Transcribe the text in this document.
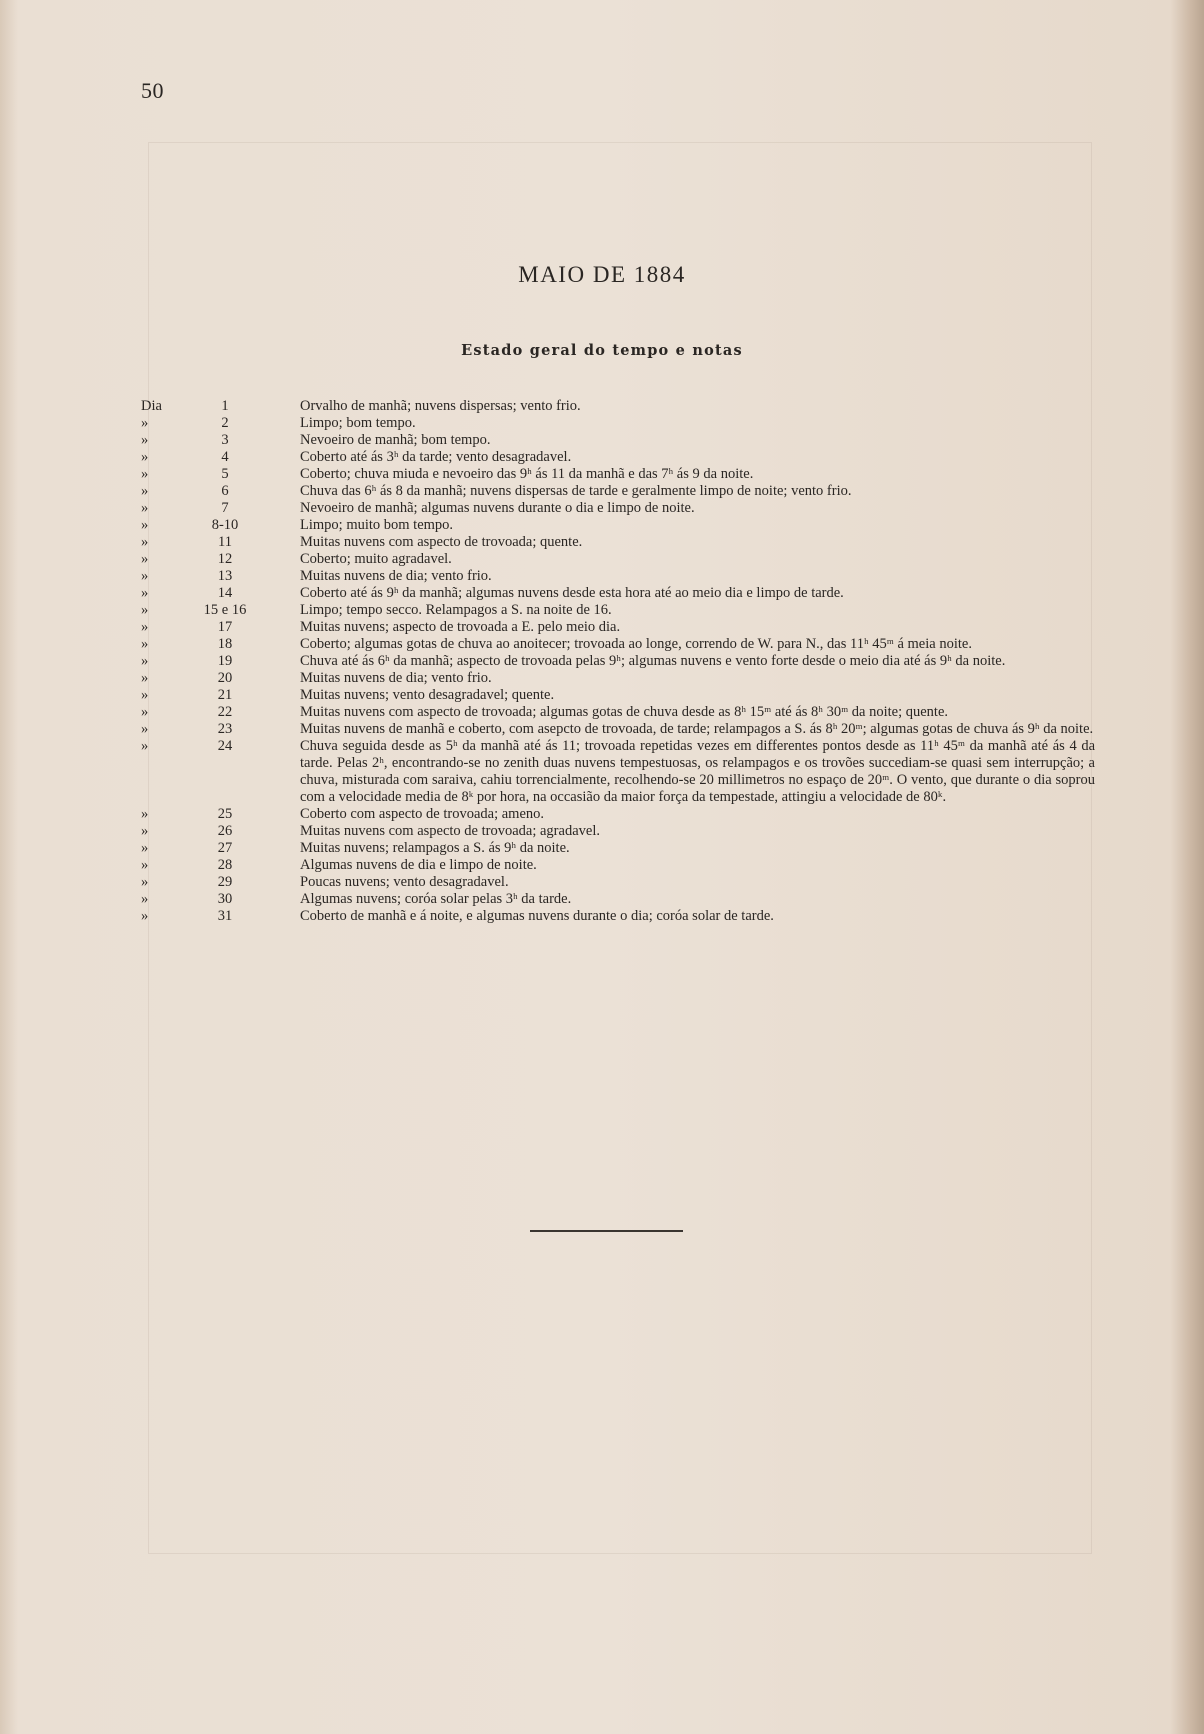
50
MAIO DE 1884
Estado geral do tempo e notas
Dia	1	Orvalho de manhã; nuvens dispersas; vento frio.
»	2	Limpo; bom tempo.
»	3	Nevoeiro de manhã; bom tempo.
»	4	Coberto até ás 3ʰ da tarde; vento desagradavel.
»	5	Coberto; chuva miuda e nevoeiro das 9ʰ ás 11 da manhã e das 7ʰ ás 9 da noite.
»	6	Chuva das 6ʰ ás 8 da manhã; nuvens dispersas de tarde e geralmente limpo de noite; vento frio.
»	7	Nevoeiro de manhã; algumas nuvens durante o dia e limpo de noite.
»	8-10	Limpo; muito bom tempo.
»	11	Muitas nuvens com aspecto de trovoada; quente.
»	12	Coberto; muito agradavel.
»	13	Muitas nuvens de dia; vento frio.
»	14	Coberto até ás 9ʰ da manhã; algumas nuvens desde esta hora até ao meio dia e limpo de tarde.
»	15 e 16	Limpo; tempo secco. Relampagos a S. na noite de 16.
»	17	Muitas nuvens; aspecto de trovoada a E. pelo meio dia.
»	18	Coberto; algumas gotas de chuva ao anoitecer; trovoada ao longe, correndo de W. para N., das 11ʰ 45ᵐ á meia noite.
»	19	Chuva até ás 6ʰ da manhã; aspecto de trovoada pelas 9ʰ; algumas nuvens e vento forte desde o meio dia até ás 9ʰ da noite.
»	20	Muitas nuvens de dia; vento frio.
»	21	Muitas nuvens; vento desagradavel; quente.
»	22	Muitas nuvens com aspecto de trovoada; algumas gotas de chuva desde as 8ʰ 15ᵐ até ás 8ʰ 30ᵐ da noite; quente.
»	23	Muitas nuvens de manhã e coberto, com asepcto de trovoada, de tarde; relampagos a S. ás 8ʰ 20ᵐ; algumas gotas de chuva ás 9ʰ da noite.
»	24	Chuva seguida desde as 5ʰ da manhã até ás 11; trovoada repetidas vezes em differentes pontos desde as 11ʰ 45ᵐ da manhã até ás 4 da tarde. Pelas 2ʰ, encontrando-se no zenith duas nuvens tempestuosas, os relampagos e os trovões succediam-se quasi sem interrupção; a chuva, misturada com saraiva, cahiu torrencialmente, recolhendo-se 20 millimetros no espaço de 20ᵐ. O vento, que durante o dia soprou com a velocidade media de 8ᵏ por hora, na occasião da maior força da tempestade, attingiu a velocidade de 80ᵏ.
»	25	Coberto com aspecto de trovoada; ameno.
»	26	Muitas nuvens com aspecto de trovoada; agradavel.
»	27	Muitas nuvens; relampagos a S. ás 9ʰ da noite.
»	28	Algumas nuvens de dia e limpo de noite.
»	29	Poucas nuvens; vento desagradavel.
»	30	Algumas nuvens; coróa solar pelas 3ʰ da tarde.
»	31	Coberto de manhã e á noite, e algumas nuvens durante o dia; coróa solar de tarde.
